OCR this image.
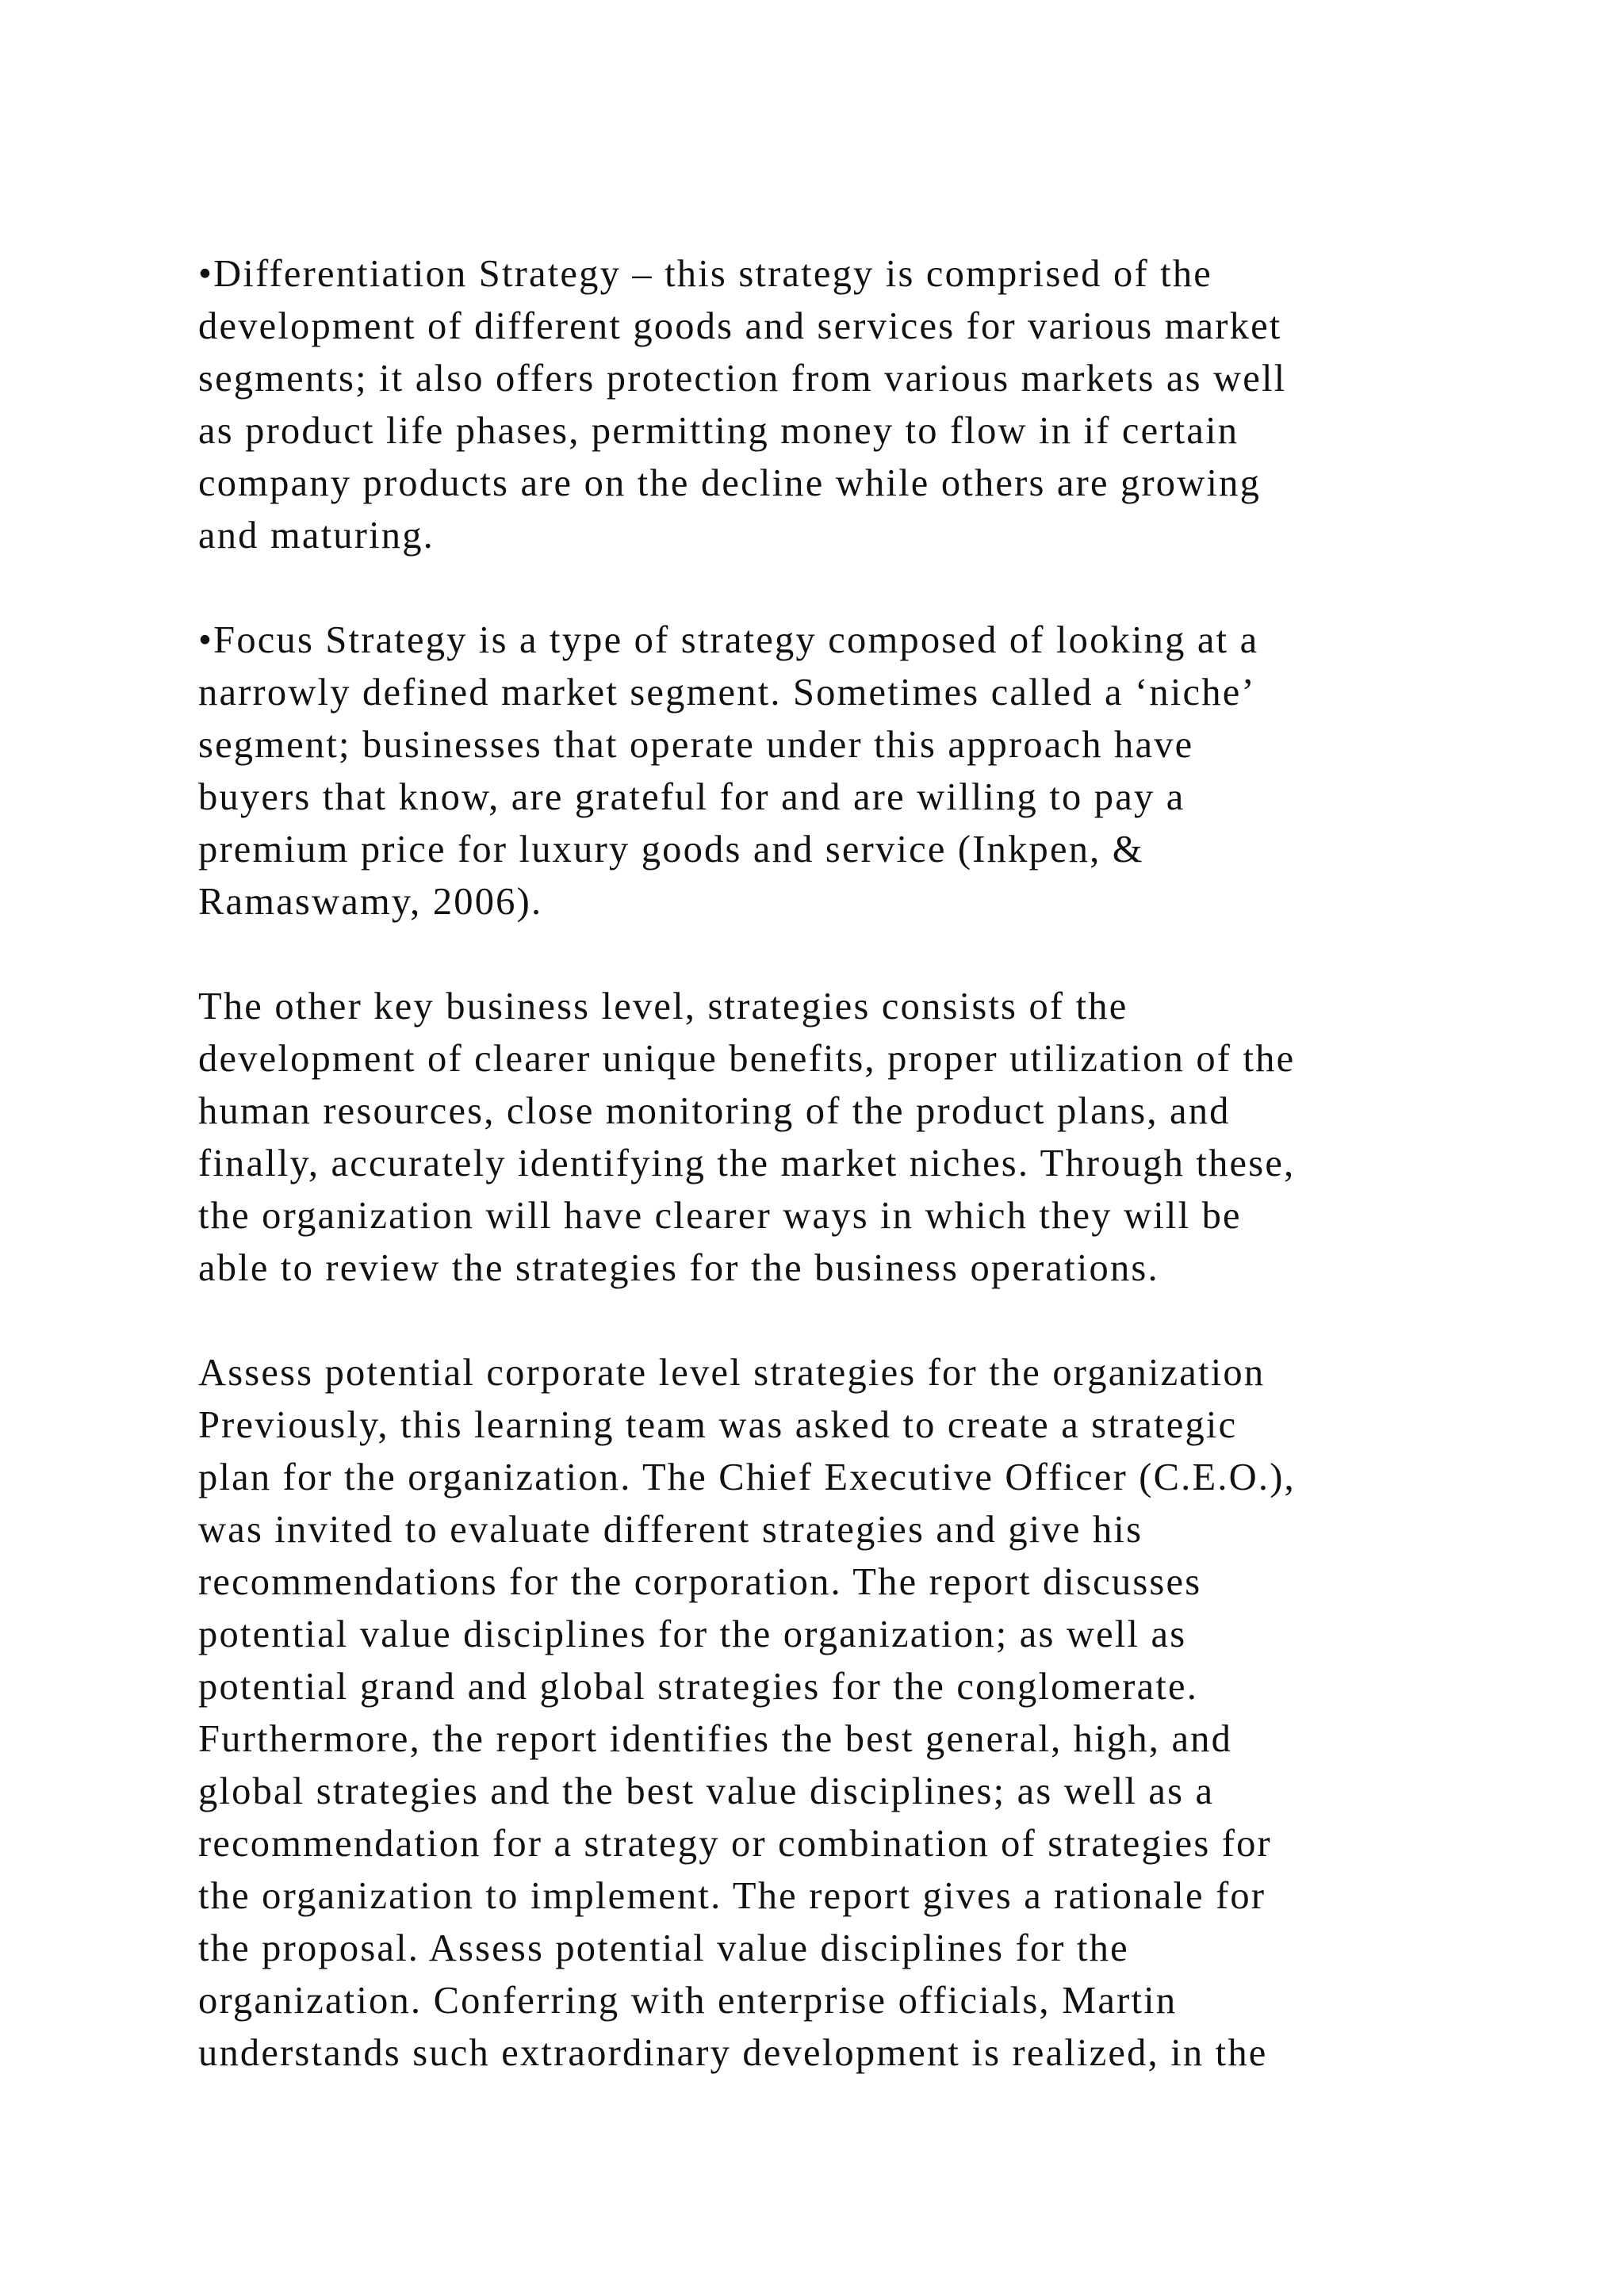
•Differentiation Strategy – this strategy is comprised of the
development of different goods and services for various market
segments; it also offers protection from various markets as well
as product life phases, permitting money to flow in if certain
company products are on the decline while others are growing
and maturing.
•Focus Strategy is a type of strategy composed of looking at a
narrowly defined market segment. Sometimes called a ‘niche’
segment; businesses that operate under this approach have
buyers that know, are grateful for and are willing to pay a
premium price for luxury goods and service (Inkpen, &
Ramaswamy, 2006).
The other key business level, strategies consists of the
development of clearer unique benefits, proper utilization of the
human resources, close monitoring of the product plans, and
finally, accurately identifying the market niches. Through these,
the organization will have clearer ways in which they will be
able to review the strategies for the business operations.
Assess potential corporate level strategies for the organization
Previously, this learning team was asked to create a strategic
plan for the organization. The Chief Executive Officer (C.E.O.),
was invited to evaluate different strategies and give his
recommendations for the corporation. The report discusses
potential value disciplines for the organization; as well as
potential grand and global strategies for the conglomerate.
Furthermore, the report identifies the best general, high, and
global strategies and the best value disciplines; as well as a
recommendation for a strategy or combination of strategies for
the organization to implement. The report gives a rationale for
the proposal. Assess potential value disciplines for the
organization. Conferring with enterprise officials, Martin
understands such extraordinary development is realized, in the
